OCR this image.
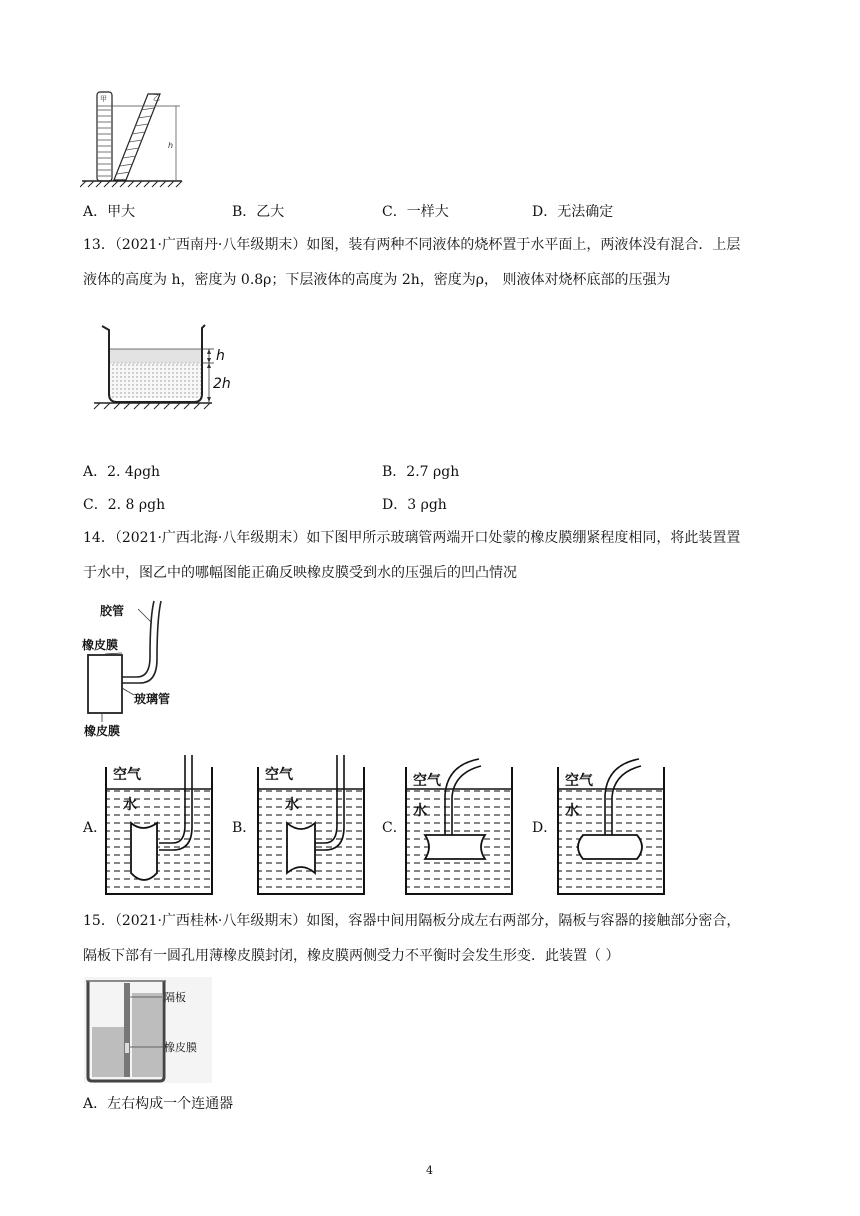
甲	乙
h
A．甲大	B．乙大	C．一样大	D．无法确定
13．（2021·广西南丹·八年级期末）如图，装有两种不同液体的烧杯置于水平面上，两液体没有混合．上层
液体的高度为 h，密度为 0.8ρ；下层液体的高度为 2h，密度为ρ， 则液体对烧杯底部的压强为
h
2h
A．2. 4ρgh	B．2.7 ρgh
C．2. 8 ρgh	D．3 ρgh
14．（2021·广西北海·八年级期末）如下图甲所示玻璃管两端开口处蒙的橡皮膜绷紧程度相同，将此装置置
于水中，图乙中的哪幅图能正确反映橡皮膜受到水的压强后的凹凸情况
胶管
橡皮膜
玻璃管
橡皮膜
A．
空气
水
B．
空气
水
C．
空气
水
D．
空气
水
15．（2021·广西桂林·八年级期末）如图，容器中间用隔板分成左右两部分，隔板与容器的接触部分密合，
隔板下部有一圆孔用薄橡皮膜封闭，橡皮膜两侧受力不平衡时会发生形变．此装置（ ）
隔板
橡皮膜
A．左右构成一个连通器
4
